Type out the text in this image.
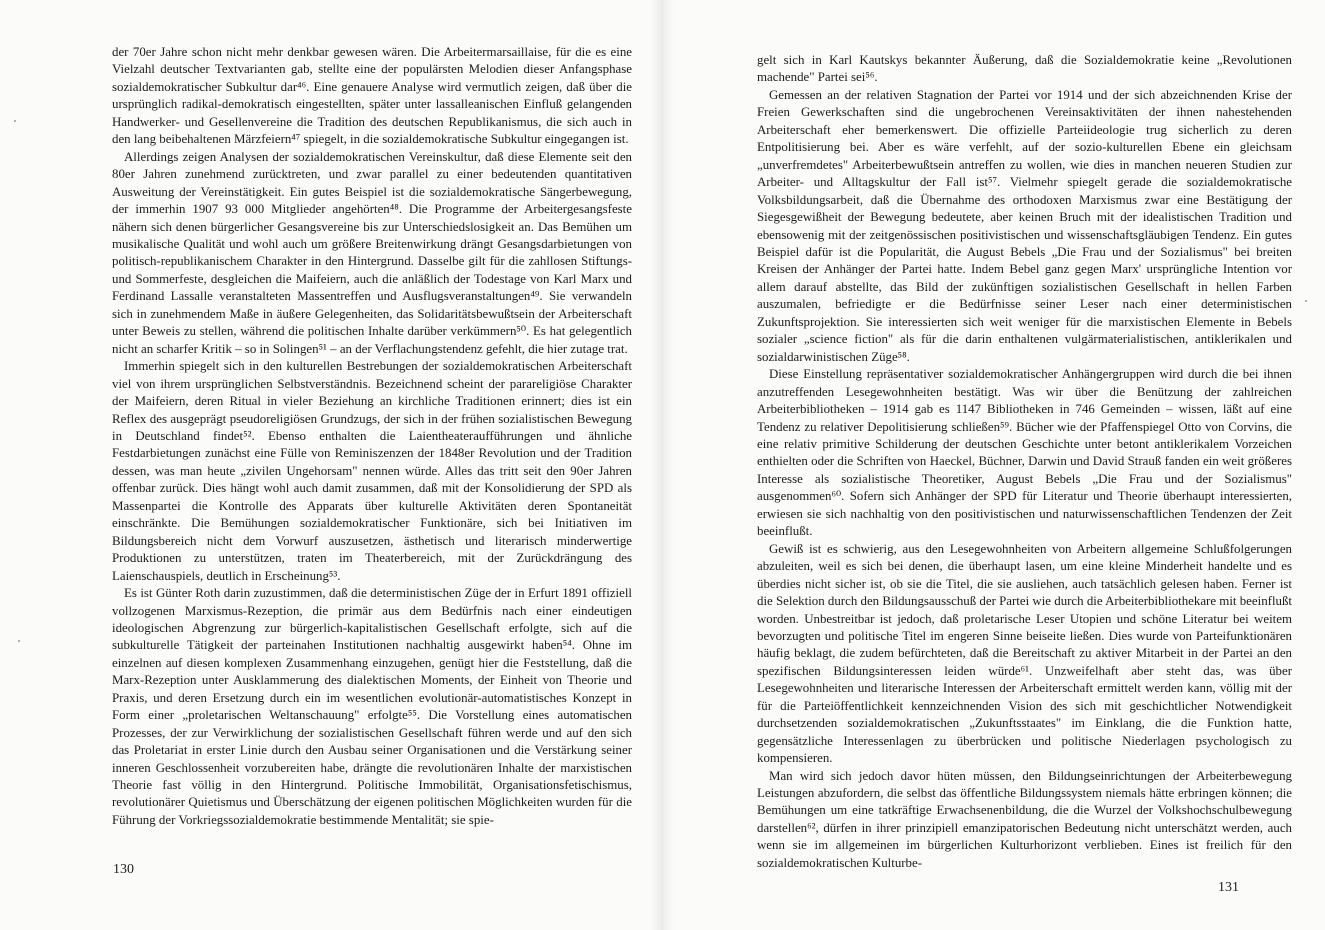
der 70er Jahre schon nicht mehr denkbar gewesen wären. Die Arbeitermarsaillaise, für die es eine Vielzahl deutscher Textvarianten gab, stellte eine der populärsten Melodien dieser Anfangsphase sozialdemokratischer Subkultur dar⁴⁶. Eine genauere Analyse wird vermutlich zeigen, daß über die ursprünglich radikal-demokratisch eingestellten, später unter lassalleanischen Einfluß gelangenden Handwerker- und Gesellenvereine die Tradition des deutschen Republikanismus, die sich auch in den lang beibehaltenen Märzfeiern⁴⁷ spiegelt, in die sozialdemokratische Subkultur eingegangen ist.

Allerdings zeigen Analysen der sozialdemokratischen Vereinskultur, daß diese Elemente seit den 80er Jahren zunehmend zurücktreten, und zwar parallel zu einer bedeutenden quantitativen Ausweitung der Vereinstätigkeit. Ein gutes Beispiel ist die sozialdemokratische Sängerbewegung, der immerhin 1907 93 000 Mitglieder angehörten⁴⁸. Die Programme der Arbeitergesangsfeste nähern sich denen bürgerlicher Gesangsvereine bis zur Unterschiedslosigkeit an. Das Bemühen um musikalische Qualität und wohl auch um größere Breitenwirkung drängt Gesangsdarbietungen von politisch-republikanischem Charakter in den Hintergrund. Dasselbe gilt für die zahllosen Stiftungs- und Sommerfeste, desgleichen die Maifeiern, auch die anläßlich der Todestage von Karl Marx und Ferdinand Lassalle veranstalteten Massentreffen und Ausflugsveranstaltungen⁴⁹. Sie verwandeln sich in zunehmendem Maße in äußere Gelegenheiten, das Solidaritätsbewußtsein der Arbeiterschaft unter Beweis zu stellen, während die politischen Inhalte darüber verkümmern⁵⁰. Es hat gelegentlich nicht an scharfer Kritik – so in Solingen⁵¹ – an der Verflachungstendenz gefehlt, die hier zutage trat.

Immerhin spiegelt sich in den kulturellen Bestrebungen der sozialdemokratischen Arbeiterschaft viel von ihrem ursprünglichen Selbstverständnis. Bezeichnend scheint der parareligiöse Charakter der Maifeiern, deren Ritual in vieler Beziehung an kirchliche Traditionen erinnert; dies ist ein Reflex des ausgeprägt pseudoreligiösen Grundzugs, der sich in der frühen sozialistischen Bewegung in Deutschland findet⁵². Ebenso enthalten die Laientheateraufführungen und ähnliche Festdarbietungen zunächst eine Fülle von Reminiszenzen der 1848er Revolution und der Tradition dessen, was man heute „zivilen Ungehorsam" nennen würde. Alles das tritt seit den 90er Jahren offenbar zurück. Dies hängt wohl auch damit zusammen, daß mit der Konsolidierung der SPD als Massenpartei die Kontrolle des Apparats über kulturelle Aktivitäten deren Spontaneität einschränkte. Die Bemühungen sozialdemokratischer Funktionäre, sich bei Initiativen im Bildungsbereich nicht dem Vorwurf auszusetzen, ästhetisch und literarisch minderwertige Produktionen zu unterstützen, traten im Theaterbereich, mit der Zurückdrängung des Laienschauspiels, deutlich in Erscheinung⁵³.

Es ist Günter Roth darin zuzustimmen, daß die deterministischen Züge der in Erfurt 1891 offiziell vollzogenen Marxismus-Rezeption, die primär aus dem Bedürfnis nach einer eindeutigen ideologischen Abgrenzung zur bürgerlich-kapitalistischen Gesellschaft erfolgte, sich auf die subkulturelle Tätigkeit der parteinahen Institutionen nachhaltig ausgewirkt haben⁵⁴. Ohne im einzelnen auf diesen komplexen Zusammenhang einzugehen, genügt hier die Feststellung, daß die Marx-Rezeption unter Ausklammerung des dialektischen Moments, der Einheit von Theorie und Praxis, und deren Ersetzung durch ein im wesentlichen evolutionär-automatistisches Konzept in Form einer „proletarischen Weltanschauung" erfolgte⁵⁵. Die Vorstellung eines automatischen Prozesses, der zur Verwirklichung der sozialistischen Gesellschaft führen werde und auf den sich das Proletariat in erster Linie durch den Ausbau seiner Organisationen und die Verstärkung seiner inneren Geschlossenheit vorzubereiten habe, drängte die revolutionären Inhalte der marxistischen Theorie fast völlig in den Hintergrund. Politische Immobilität, Organisationsfetischismus, revolutionärer Quietismus und Überschätzung der eigenen politischen Möglichkeiten wurden für die Führung der Vorkriegssozialdemokratie bestimmende Mentalität; sie spie-

130

gelt sich in Karl Kautskys bekannter Äußerung, daß die Sozialdemokratie keine „Revolutionen machende" Partei sei⁵⁶.

Gemessen an der relativen Stagnation der Partei vor 1914 und der sich abzeichnenden Krise der Freien Gewerkschaften sind die ungebrochenen Vereinsaktivitäten der ihnen nahestehenden Arbeiterschaft eher bemerkenswert. Die offizielle Parteiideologie trug sicherlich zu deren Entpolitisierung bei. Aber es wäre verfehlt, auf der sozio-kulturellen Ebene ein gleichsam „unverfremdetes" Arbeiterbewußtsein antreffen zu wollen, wie dies in manchen neueren Studien zur Arbeiter- und Alltagskultur der Fall ist⁵⁷. Vielmehr spiegelt gerade die sozialdemokratische Volksbildungsarbeit, daß die Übernahme des orthodoxen Marxismus zwar eine Bestätigung der Siegesgewißheit der Bewegung bedeutete, aber keinen Bruch mit der idealistischen Tradition und ebensowenig mit der zeitgenössischen positivistischen und wissenschaftsgläubigen Tendenz. Ein gutes Beispiel dafür ist die Popularität, die August Bebels „Die Frau und der Sozialismus" bei breiten Kreisen der Anhänger der Partei hatte. Indem Bebel ganz gegen Marx' ursprüngliche Intention vor allem darauf abstellte, das Bild der zukünftigen sozialistischen Gesellschaft in hellen Farben auszumalen, befriedigte er die Bedürfnisse seiner Leser nach einer deterministischen Zukunftsprojektion. Sie interessierten sich weit weniger für die marxistischen Elemente in Bebels sozialer „science fiction" als für die darin enthaltenen vulgärmaterialistischen, antiklerikalen und sozialdarwinistischen Züge⁵⁸.

Diese Einstellung repräsentativer sozialdemokratischer Anhängergruppen wird durch die bei ihnen anzutreffenden Lesegewohnheiten bestätigt. Was wir über die Benützung der zahlreichen Arbeiterbibliotheken – 1914 gab es 1147 Bibliotheken in 746 Gemeinden – wissen, läßt auf eine Tendenz zu relativer Depolitisierung schließen⁵⁹. Bücher wie der Pfaffenspiegel Otto von Corvins, die eine relativ primitive Schilderung der deutschen Geschichte unter betont antiklerikalem Vorzeichen enthielten oder die Schriften von Haeckel, Büchner, Darwin und David Strauß fanden ein weit größeres Interesse als sozialistische Theoretiker, August Bebels „Die Frau und der Sozialismus" ausgenommen⁶⁰. Sofern sich Anhänger der SPD für Literatur und Theorie überhaupt interessierten, erwiesen sie sich nachhaltig von den positivistischen und naturwissenschaftlichen Tendenzen der Zeit beeinflußt.

Gewiß ist es schwierig, aus den Lesegewohnheiten von Arbeitern allgemeine Schlußfolgerungen abzuleiten, weil es sich bei denen, die überhaupt lasen, um eine kleine Minderheit handelte und es überdies nicht sicher ist, ob sie die Titel, die sie ausliehen, auch tatsächlich gelesen haben. Ferner ist die Selektion durch den Bildungsausschuß der Partei wie durch die Arbeiterbibliothekare mit beeinflußt worden. Unbestreitbar ist jedoch, daß proletarische Leser Utopien und schöne Literatur bei weitem bevorzugten und politische Titel im engeren Sinne beiseite ließen. Dies wurde von Parteifunktionären häufig beklagt, die zudem befürchteten, daß die Bereitschaft zu aktiver Mitarbeit in der Partei an den spezifischen Bildungsinteressen leiden würde⁶¹. Unzweifelhaft aber steht das, was über Lesegewohnheiten und literarische Interessen der Arbeiterschaft ermittelt werden kann, völlig mit der für die Parteiöffentlichkeit kennzeichnenden Vision des sich mit geschichtlicher Notwendigkeit durchsetzenden sozialdemokratischen „Zukunftsstaates" im Einklang, die die Funktion hatte, gegensätzliche Interessenlagen zu überbrücken und politische Niederlagen psychologisch zu kompensieren.

Man wird sich jedoch davor hüten müssen, den Bildungseinrichtungen der Arbeiterbewegung Leistungen abzufordern, die selbst das öffentliche Bildungssystem niemals hätte erbringen können; die Bemühungen um eine tatkräftige Erwachsenenbildung, die die Wurzel der Volkshochschulbewegung darstellen⁶², dürfen in ihrer prinzipiell emanzipatorischen Bedeutung nicht unterschätzt werden, auch wenn sie im allgemeinen im bürgerlichen Kulturhorizont verblieben. Eines ist freilich für den sozialdemokratischen Kulturbe-

131
